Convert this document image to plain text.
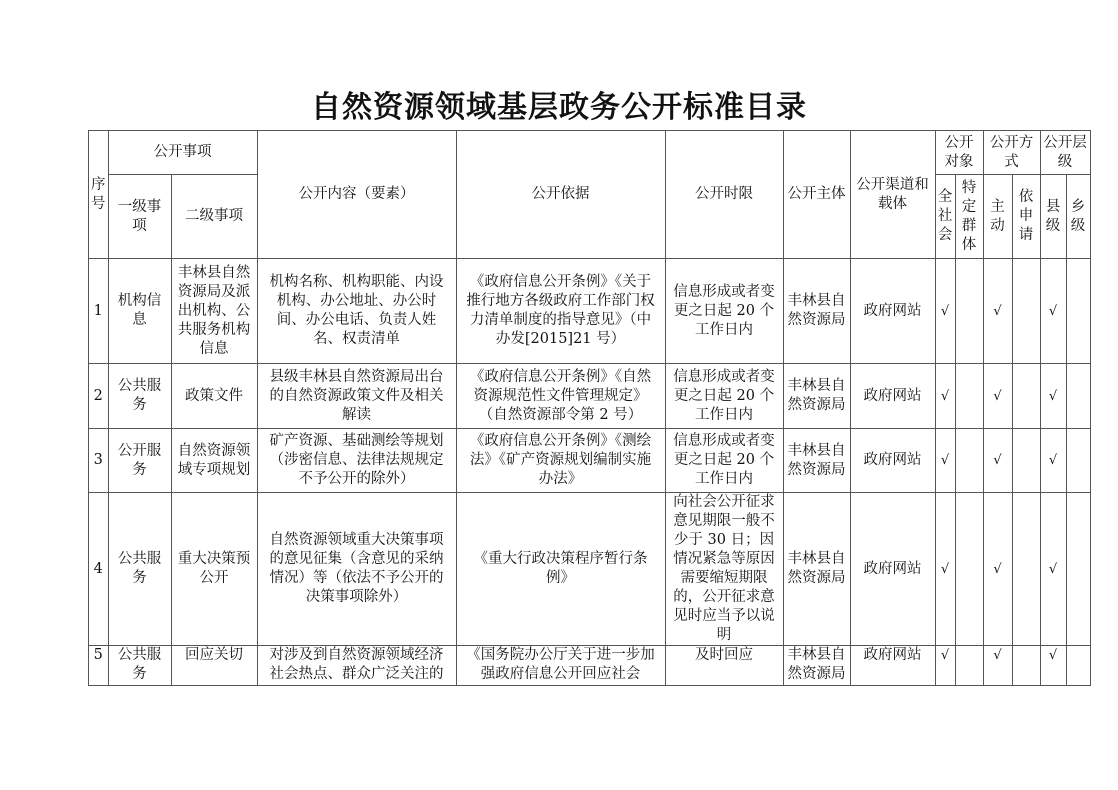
自然资源领域基层政务公开标准目录
序号	公开事项		公开内容（要素）	公开依据	公开时限	公开主体	公开渠道和载体	公开对象		公开方式		公开层级	

	一级事项	二级事项						全社会	特定群体	主动	依申请	县级	乡级

1	机构信息	丰林县自然资源局及派出机构、公共服务机构信息	机构名称、机构职能、内设机构、办公地址、办公时间、办公电话、负责人姓名、权责清单	《政府信息公开条例》《关于推行地方各级政府工作部门权力清单制度的指导意见》（中办发[2015]21 号）	信息形成或者变更之日起 20 个工作日内	丰林县自然资源局	政府网站	√		√		√	

2	公共服务	政策文件	县级丰林县自然资源局出台的自然资源政策文件及相关解读	《政府信息公开条例》《自然资源规范性文件管理规定》（自然资源部令第 2 号）	信息形成或者变更之日起 20 个工作日内	丰林县自然资源局	政府网站	√		√		√	

3	公开服务	自然资源领域专项规划	矿产资源、基础测绘等规划（涉密信息、法律法规规定不予公开的除外）	《政府信息公开条例》《测绘法》《矿产资源规划编制实施办法》	信息形成或者变更之日起 20 个工作日内	丰林县自然资源局	政府网站	√		√		√	

4	公共服务	重大决策预公开	自然资源领域重大决策事项的意见征集（含意见的采纳情况）等（依法不予公开的决策事项除外）	《重大行政决策程序暂行条例》	向社会公开征求意见期限一般不少于 30 日；因情况紧急等原因需要缩短期限的，公开征求意见时应当予以说明	丰林县自然资源局	政府网站	√		√		√	

5	公共服务	回应关切	对涉及到自然资源领域经济社会热点、群众广泛关注的	《国务院办公厅关于进一步加强政府信息公开回应社会	及时回应	丰林县自然资源局	政府网站	√		√		√	
